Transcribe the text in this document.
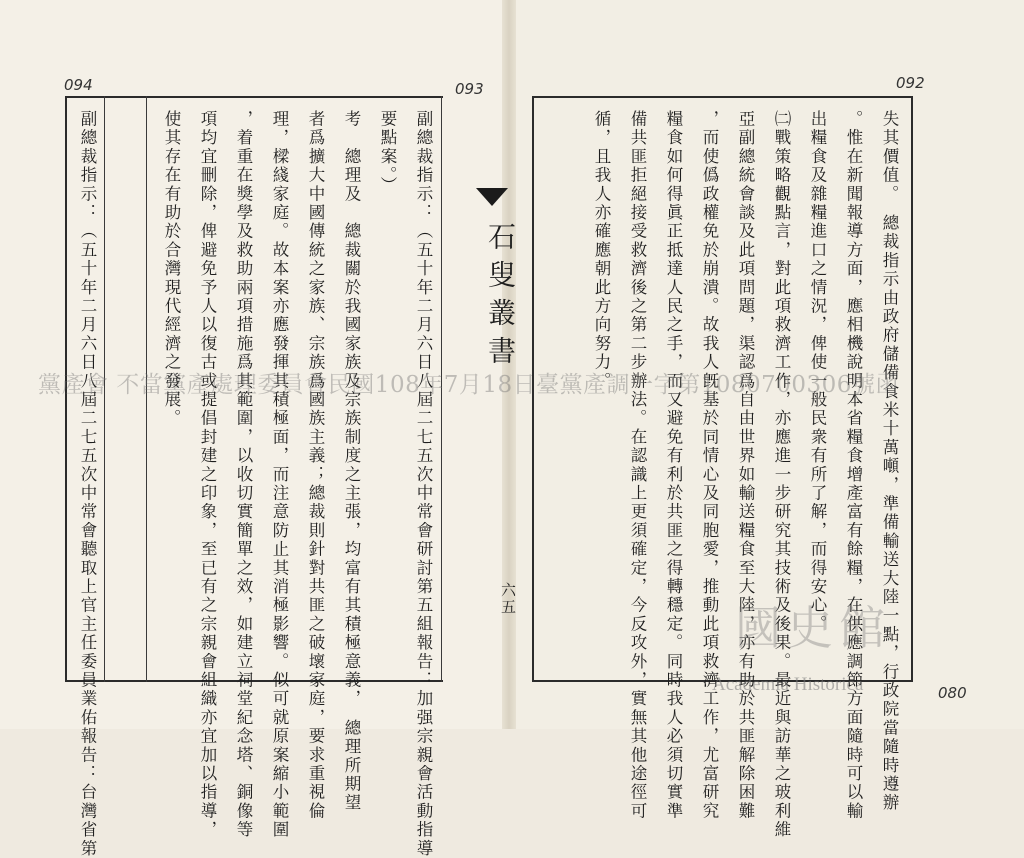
094	093	092
080
副總裁指示：（五十年二月六日八屆二七五次中常會聽取上官主任委員業佑報告：台灣省第	使其存在有助於合灣現代經濟之發展。 項均宜刪除，俾避免予人以復古或提倡封建之印象，至已有之宗親會組織亦宜加以指導， ，着重在獎學及救助兩項措施爲其範圍，以收切實簡單之效，如建立祠堂紀念塔、銅像等 理，樑綫家庭。故本案亦應發揮其積極面，而注意防止其消極影響。似可就原案縮小範圍 者爲擴大中國傳統之家族、宗族爲國族主義；總裁則針對共匪之破壞家庭，要求重視倫 考　總理及　總裁關於我國家族及宗族制度之主張，均富有其積極意義，　總理所期望 要點案。） 副總裁指示：（五十年二月六日八屆二七五次中常會研討第五組報告：加强宗親會活動指導 石叟叢書
六五
循，且我人亦確應朝此方向努力。 備共匪拒絕接受救濟後之第二步辦法。在認識上更須確定，今反攻外，實無其他途徑可 糧食如何得眞正抵達人民之手，而又避免有利於共匪之得轉穩定。同時我人必須切實準 ，而使僞政權免於崩潰。故我人旣基於同情心及同胞愛，推動此項救濟工作，尤富研究 亞副總統會談及此項問題，渠認爲自由世界如輸送糧食至大陸，亦有助於共匪解除困難 ㈡戰策略觀點言，對此項救濟工作，亦應進一步研究其技術及後果。最近與訪華之玻利維 出糧食及雜糧進口之情況，俾使一般民衆有所了解，而得安心。 。惟在新聞報導方面，應相機說明本省糧食增產富有餘糧，在供應調節方面隨時可以輸 失其價值。　總裁指示由政府儲備食米十萬噸，準備輸送大陸一點，行政院當隨時遵辦
黨產會 不當黨產處理委員會民國108年7月18日臺黨產調一字第1080700306號函
國史館
Academia Historica
